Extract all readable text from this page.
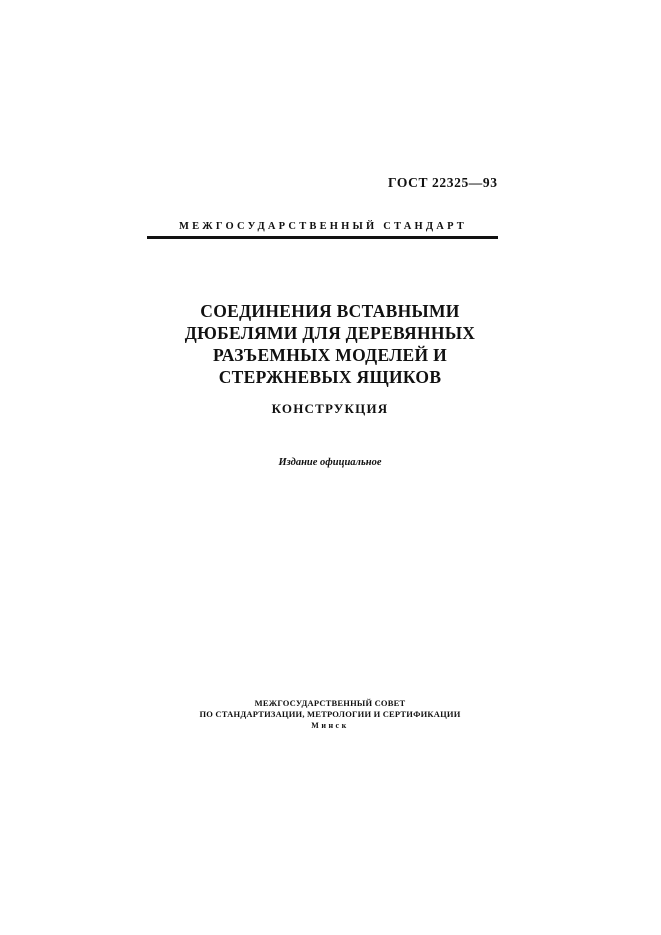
ГОСТ 22325—93
МЕЖГОСУДАРСТВЕННЫЙ СТАНДАРТ
СОЕДИНЕНИЯ ВСТАВНЫМИ
ДЮБЕЛЯМИ ДЛЯ ДЕРЕВЯННЫХ
РАЗЪЕМНЫХ МОДЕЛЕЙ И
СТЕРЖНЕВЫХ ЯЩИКОВ
КОНСТРУКЦИЯ
Издание официальное
МЕЖГОСУДАРСТВЕННЫЙ СОВЕТ
ПО СТАНДАРТИЗАЦИИ, МЕТРОЛОГИИ И СЕРТИФИКАЦИИ
Минск
